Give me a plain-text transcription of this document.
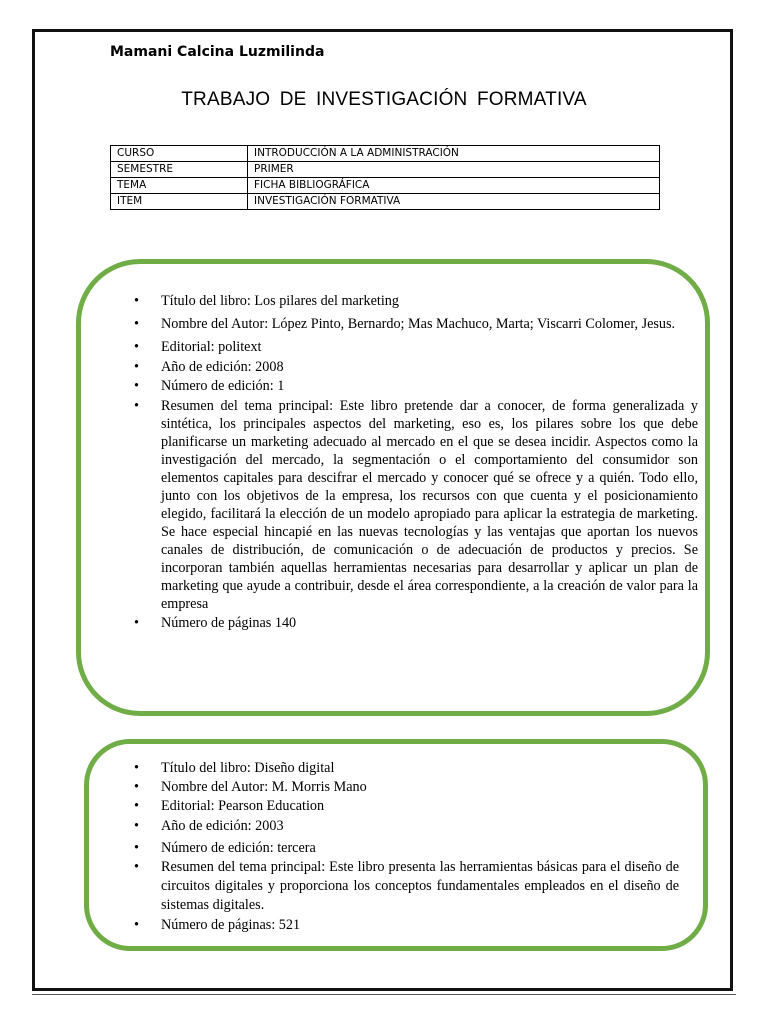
Mamani Calcina Luzmilinda
TRABAJO DE INVESTIGACIÓN FORMATIVA
CURSO	INTRODUCCIÓN A LA ADMINISTRACIÓN
SEMESTRE	PRIMER
TEMA	FICHA BIBLIOGRÁFICA
ITEM	INVESTIGACIÓN FORMATIVA
• Título del libro: Los pilares del marketing
• Nombre del Autor: López Pinto, Bernardo; Mas Machuco, Marta; Viscarri Colomer, Jesus.
• Editorial: politext
• Año de edición: 2008
• Número de edición: 1
• Resumen del tema principal: Este libro pretende dar a conocer, de forma generalizada y sintética, los principales aspectos del marketing, eso es, los pilares sobre los que debe planificarse un marketing adecuado al mercado en el que se desea incidir. Aspectos como la investigación del mercado, la segmentación o el comportamiento del consumidor son elementos capitales para descifrar el mercado y conocer qué se ofrece y a quién. Todo ello, junto con los objetivos de la empresa, los recursos con que cuenta y el posicionamiento elegido, facilitará la elección de un modelo apropiado para aplicar la estrategia de marketing. Se hace especial hincapié en las nuevas tecnologías y las ventajas que aportan los nuevos canales de distribución, de comunicación o de adecuación de productos y precios. Se incorporan también aquellas herramientas necesarias para desarrollar y aplicar un plan de marketing que ayude a contribuir, desde el área correspondiente, a la creación de valor para la empresa
• Número de páginas 140
• Título del libro: Diseño digital
• Nombre del Autor: M. Morris Mano
• Editorial: Pearson Education
• Año de edición: 2003
• Número de edición: tercera
• Resumen del tema principal: Este libro presenta las herramientas básicas para el diseño de circuitos digitales y proporciona los conceptos fundamentales empleados en el diseño de sistemas digitales.
• Número de páginas: 521
